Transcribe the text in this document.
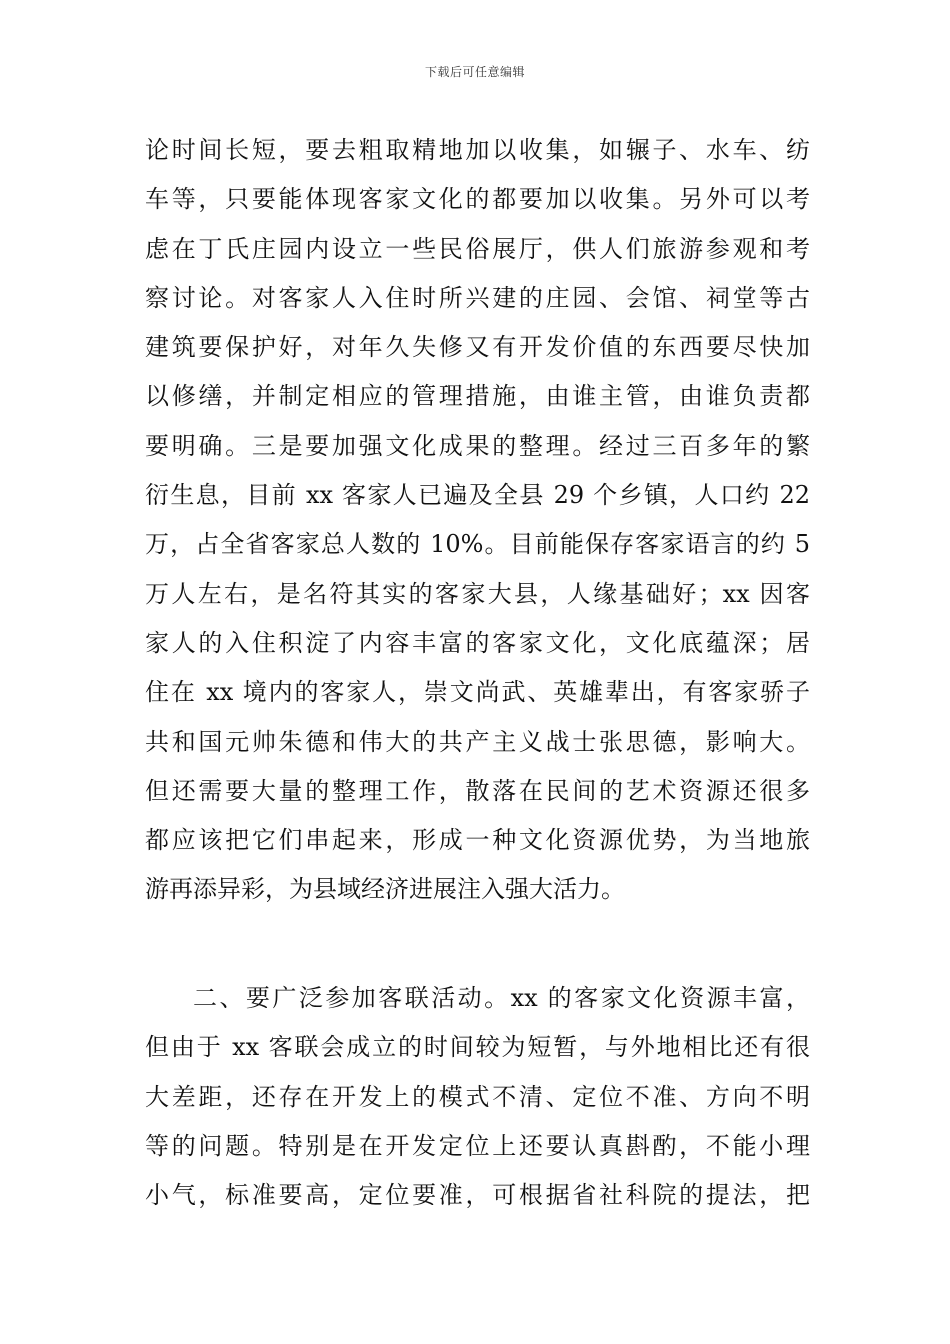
下载后可任意编辑
论时间长短，要去粗取精地加以收集，如辗子、水车、纺
车等，只要能体现客家文化的都要加以收集。另外可以考
虑在丁氏庄园内设立一些民俗展厅，供人们旅游参观和考
察讨论。对客家人入住时所兴建的庄园、会馆、祠堂等古
建筑要保护好，对年久失修又有开发价值的东西要尽快加
以修缮，并制定相应的管理措施，由谁主管，由谁负责都
要明确。三是要加强文化成果的整理。经过三百多年的繁
衍生息，目前 xx 客家人已遍及全县 29 个乡镇，人口约 22
万，占全省客家总人数的 10%。目前能保存客家语言的约 5
万人左右，是名符其实的客家大县，人缘基础好；xx 因客
家人的入住积淀了内容丰富的客家文化，文化底蕴深；居
住在 xx 境内的客家人，崇文尚武、英雄辈出，有客家骄子
共和国元帅朱德和伟大的共产主义战士张思德，影响大。
但还需要大量的整理工作，散落在民间的艺术资源还很多
都应该把它们串起来，形成一种文化资源优势，为当地旅
游再添异彩，为县域经济进展注入强大活力。
二、要广泛参加客联活动。xx 的客家文化资源丰富，
但由于 xx 客联会成立的时间较为短暂，与外地相比还有很
大差距，还存在开发上的模式不清、定位不准、方向不明
等的问题。特别是在开发定位上还要认真斟酌，不能小理
小气，标准要高，定位要准，可根据省社科院的提法，把
